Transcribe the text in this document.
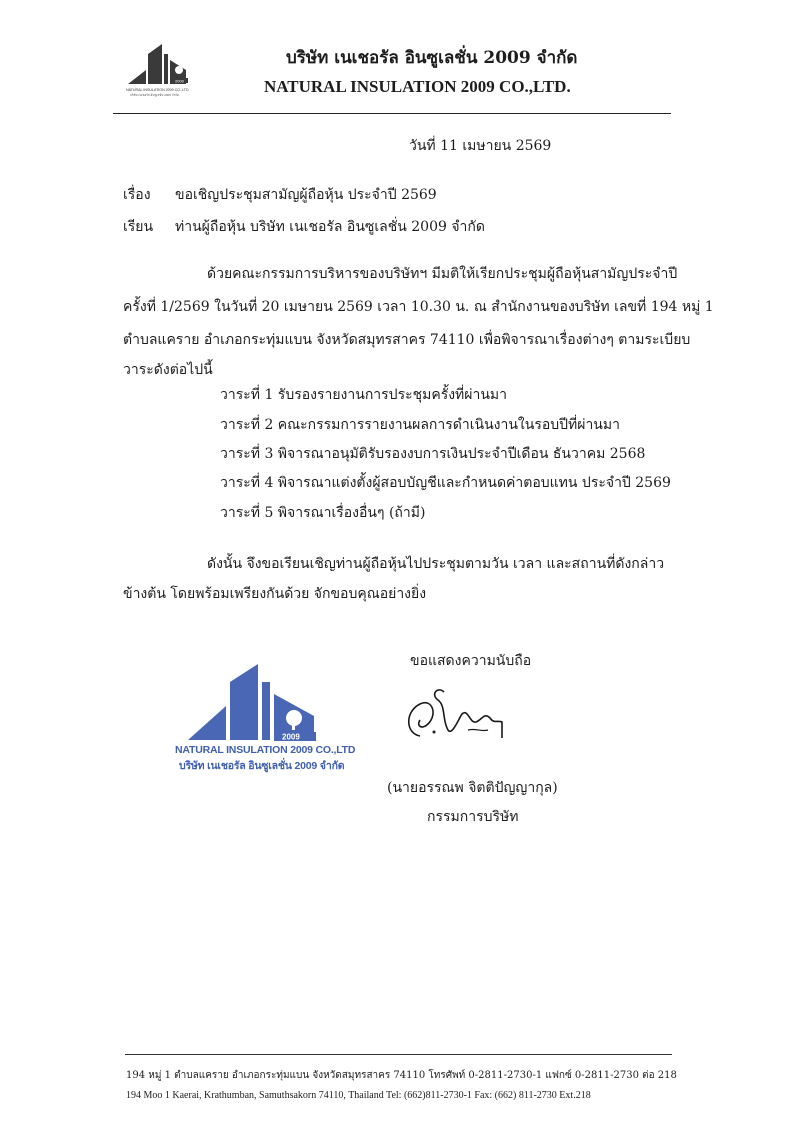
2009
NATURAL INSULATION 2009 CO.,LTD
บริษัท เนเชอรัล อินซูเลชั่น 2009 จำกัด
บริษัท เนเชอรัล อินซูเลชั่น 2009 จำกัด
NATURAL INSULATION 2009 CO.,LTD.
วันที่ 11 เมษายน 2569
เรื่อง ขอเชิญประชุมสามัญผู้ถือหุ้น ประจำปี 2569
เรียน ท่านผู้ถือหุ้น บริษัท เนเชอรัล อินซูเลชั่น 2009 จำกัด
ด้วยคณะกรรมการบริหารของบริษัทฯ มีมติให้เรียกประชุมผู้ถือหุ้นสามัญประจำปี
ครั้งที่ 1/2569 ในวันที่ 20 เมษายน 2569 เวลา 10.30 น. ณ สำนักงานของบริษัท เลขที่ 194 หมู่ 1
ตำบลแคราย อำเภอกระทุ่มแบน จังหวัดสมุทรสาคร 74110 เพื่อพิจารณาเรื่องต่างๆ ตามระเบียบ
วาระดังต่อไปนี้
วาระที่ 1 รับรองรายงานการประชุมครั้งที่ผ่านมา
วาระที่ 2 คณะกรรมการรายงานผลการดำเนินงานในรอบปีที่ผ่านมา
วาระที่ 3 พิจารณาอนุมัติรับรองงบการเงินประจำปีเดือน ธันวาคม 2568
วาระที่ 4 พิจารณาแต่งตั้งผู้สอบบัญชีและกำหนดค่าตอบแทน ประจำปี 2569
วาระที่ 5 พิจารณาเรื่องอื่นๆ (ถ้ามี)
ดังนั้น จึงขอเรียนเชิญท่านผู้ถือหุ้นไปประชุมตามวัน เวลา และสถานที่ดังกล่าว
ข้างต้น โดยพร้อมเพรียงกันด้วย จักขอบคุณอย่างยิ่ง
ขอแสดงความนับถือ
(นายอรรณพ จิตติปัญญากุล)
กรรมการบริษัท
2009
NATURAL INSULATION 2009 CO.,LTD
บริษัท เนเชอรัล อินซูเลชั่น 2009 จำกัด
194 หมู่ 1 ตำบลแคราย อำเภอกระทุ่มแบน จังหวัดสมุทรสาคร 74110 โทรศัพท์ 0-2811-2730-1 แฟกซ์ 0-2811-2730 ต่อ 218
194 Moo 1 Kaerai, Krathumban, Samuthsakorn 74110, Thailand Tel: (662)811-2730-1 Fax: (662) 811-2730 Ext.218
